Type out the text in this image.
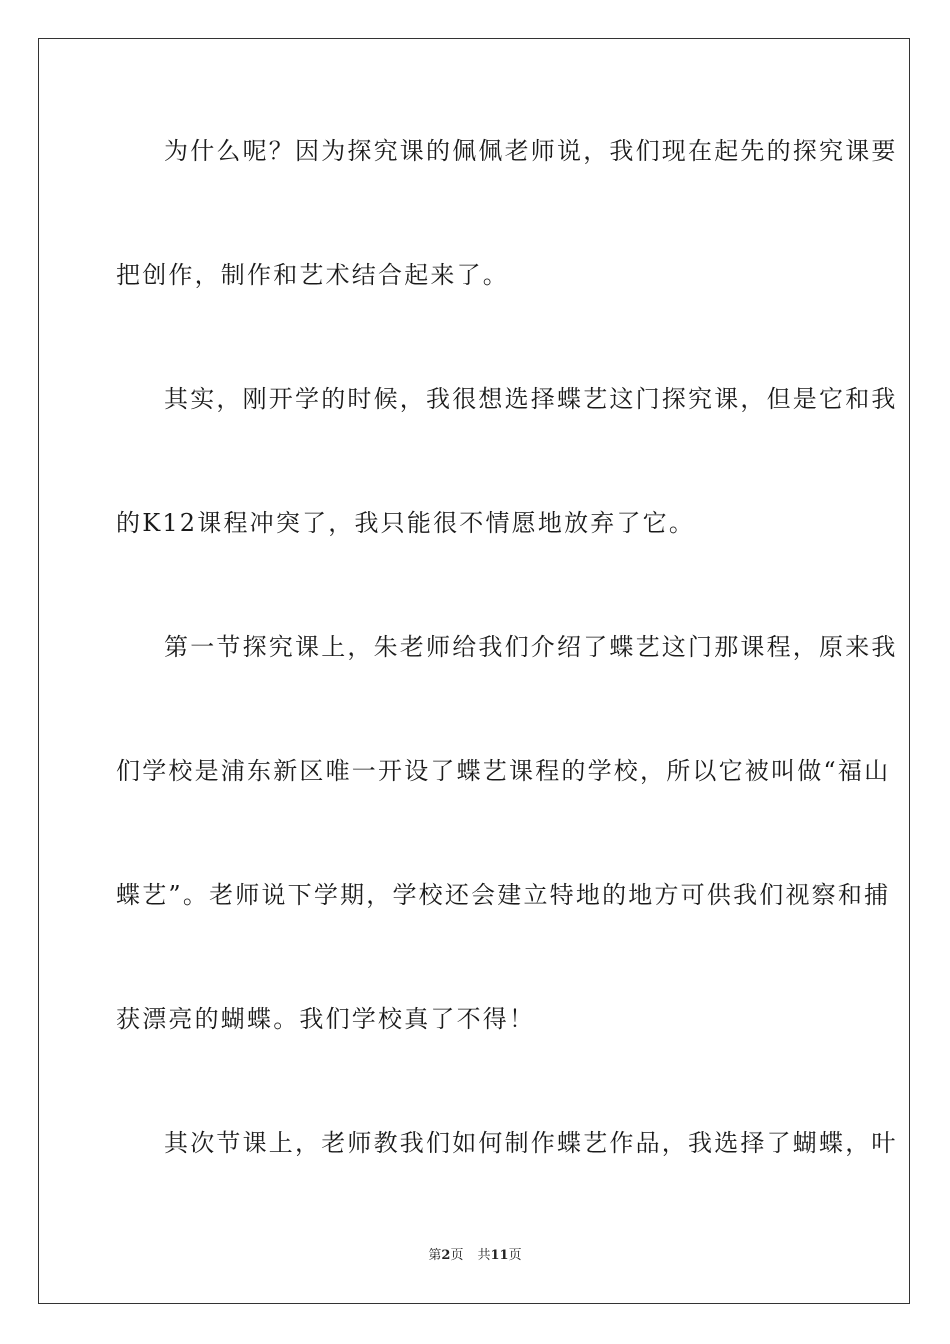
为什么呢？因为探究课的佩佩老师说，我们现在起先的探究课要
把创作，制作和艺术结合起来了。
其实，刚开学的时候，我很想选择蝶艺这门探究课，但是它和我
的K12课程冲突了，我只能很不情愿地放弃了它。
第一节探究课上，朱老师给我们介绍了蝶艺这门那课程，原来我
们学校是浦东新区唯一开设了蝶艺课程的学校，所以它被叫做“福山
蝶艺”。老师说下学期，学校还会建立特地的地方可供我们视察和捕
获漂亮的蝴蝶。我们学校真了不得！
其次节课上，老师教我们如何制作蝶艺作品，我选择了蝴蝶，叶
第2页 共11页
